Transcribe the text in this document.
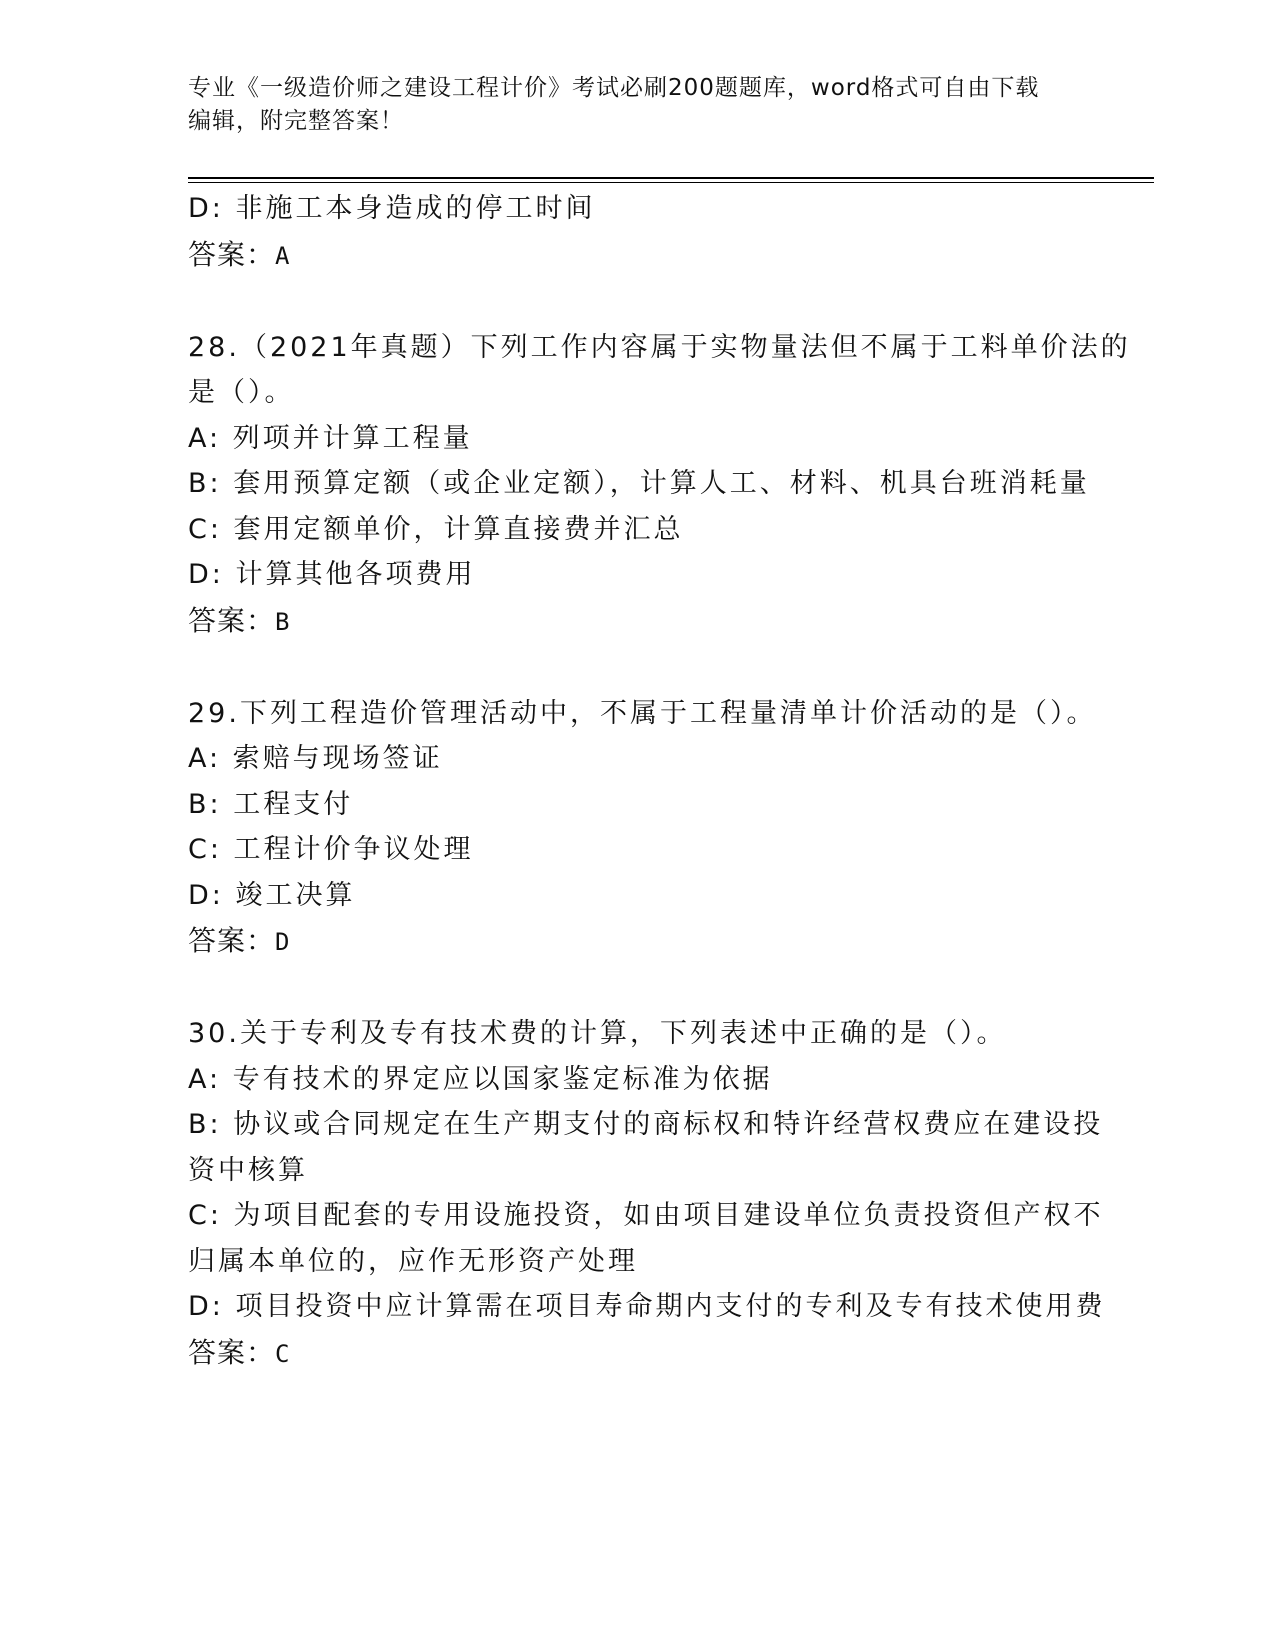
专业《一级造价师之建设工程计价》考试必刷200题题库，word格式可自由下载
编辑，附完整答案！
D: 非施工本身造成的停工时间
答案：A
28.（2021年真题）下列工作内容属于实物量法但不属于工料单价法的
是（）。
A: 列项并计算工程量
B: 套用预算定额（或企业定额），计算人工、材料、机具台班消耗量
C: 套用定额单价，计算直接费并汇总
D: 计算其他各项费用
答案：B
29.下列工程造价管理活动中，不属于工程量清单计价活动的是（）。
A: 索赔与现场签证
B: 工程支付
C: 工程计价争议处理
D: 竣工决算
答案：D
30.关于专利及专有技术费的计算，下列表述中正确的是（）。
A: 专有技术的界定应以国家鉴定标准为依据
B: 协议或合同规定在生产期支付的商标权和特许经营权费应在建设投
资中核算
C: 为项目配套的专用设施投资，如由项目建设单位负责投资但产权不
归属本单位的，应作无形资产处理
D: 项目投资中应计算需在项目寿命期内支付的专利及专有技术使用费
答案：C
